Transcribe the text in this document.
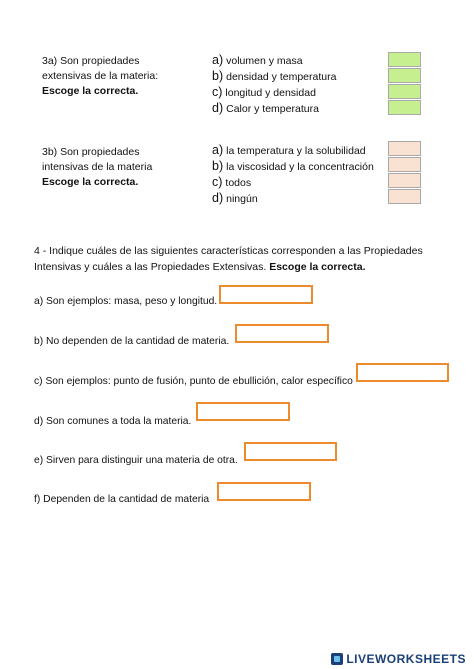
3a) Son propiedades
extensivas de la materia:
Escoge la correcta.
a) volumen y masa
b) densidad y temperatura
c) longitud y densidad
d) Calor y temperatura
3b) Son propiedades
intensivas de la materia
Escoge la correcta.
a) la temperatura y la solubilidad
b) la viscosidad y la concentración
c) todos
d) ningún
4 - Indique cuáles de las siguientes características corresponden a las Propiedades Intensivas y cuáles a las Propiedades Extensivas. Escoge la correcta.
a) Son ejemplos: masa, peso y longitud.
b) No dependen de la cantidad de materia.
c) Son ejemplos: punto de fusión, punto de ebullición, calor específico
d) Son comunes a toda la materia.
e) Sirven para distinguir una materia de otra.
f) Dependen de la cantidad de materia
LIVEWORKSHEETS
